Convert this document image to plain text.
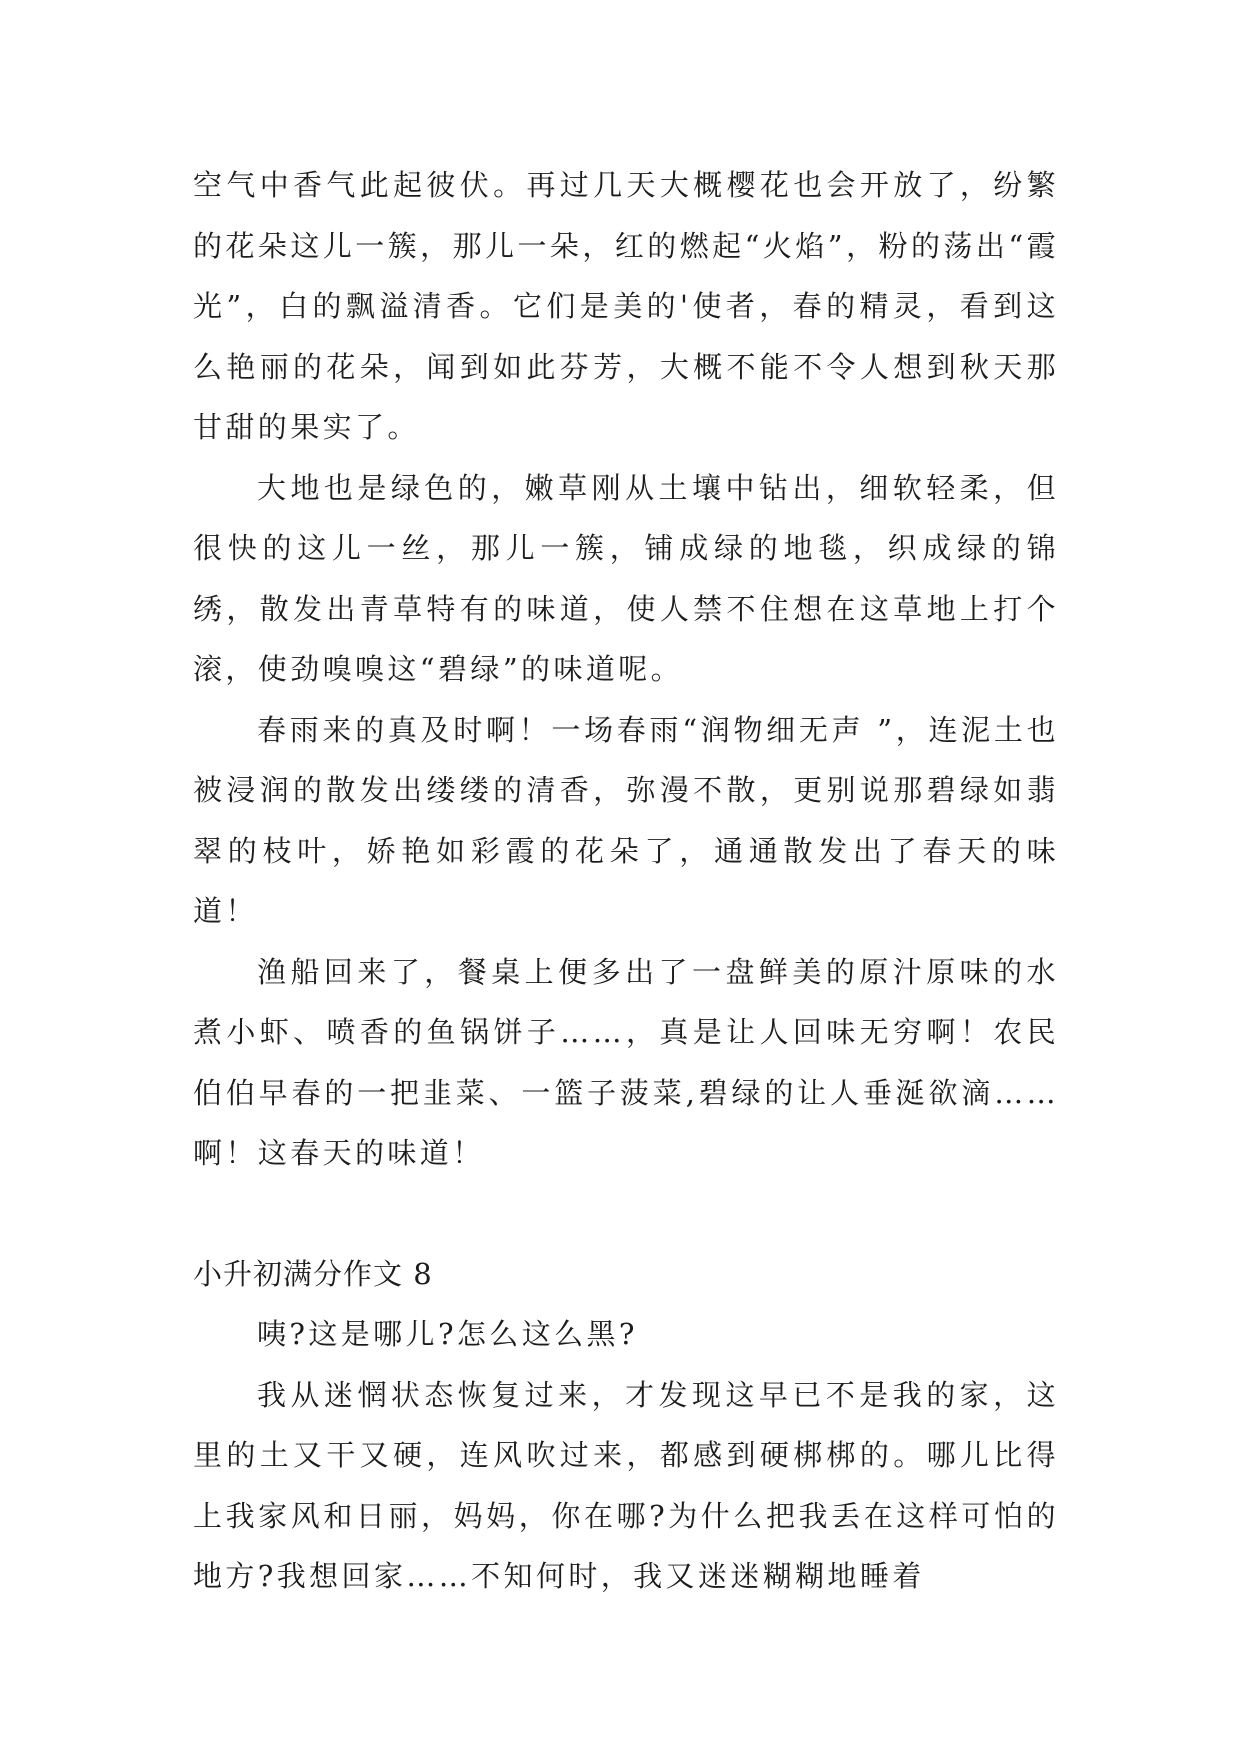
空气中香气此起彼伏。再过几天大概樱花也会开放了，纷繁的花朵这儿一簇，那儿一朵，红的燃起“火焰”，粉的荡出“霞光”，白的飘溢清香。它们是美的'使者，春的精灵，看到这么艳丽的花朵，闻到如此芬芳，大概不能不令人想到秋天那甘甜的果实了。

大地也是绿色的，嫩草刚从土壤中钻出，细软轻柔，但很快的这儿一丝，那儿一簇，铺成绿的地毯，织成绿的锦绣，散发出青草特有的味道，使人禁不住想在这草地上打个滚，使劲嗅嗅这“碧绿”的味道呢。

春雨来的真及时啊！一场春雨“润物细无声 ”，连泥土也被浸润的散发出缕缕的清香，弥漫不散，更别说那碧绿如翡翠的枝叶，娇艳如彩霞的花朵了，通通散发出了春天的味道！

渔船回来了，餐桌上便多出了一盘鲜美的原汁原味的水煮小虾、喷香的鱼锅饼子……，真是让人回味无穷啊！农民伯伯早春的一把韭菜、一篮子菠菜,碧绿的让人垂涎欲滴……啊！这春天的味道！

小升初满分作文 8

咦?这是哪儿?怎么这么黑?

我从迷惘状态恢复过来，才发现这早已不是我的家，这里的土又干又硬，连风吹过来，都感到硬梆梆的。哪儿比得上我家风和日丽，妈妈，你在哪?为什么把我丢在这样可怕的地方?我想回家……不知何时，我又迷迷糊糊地睡着
